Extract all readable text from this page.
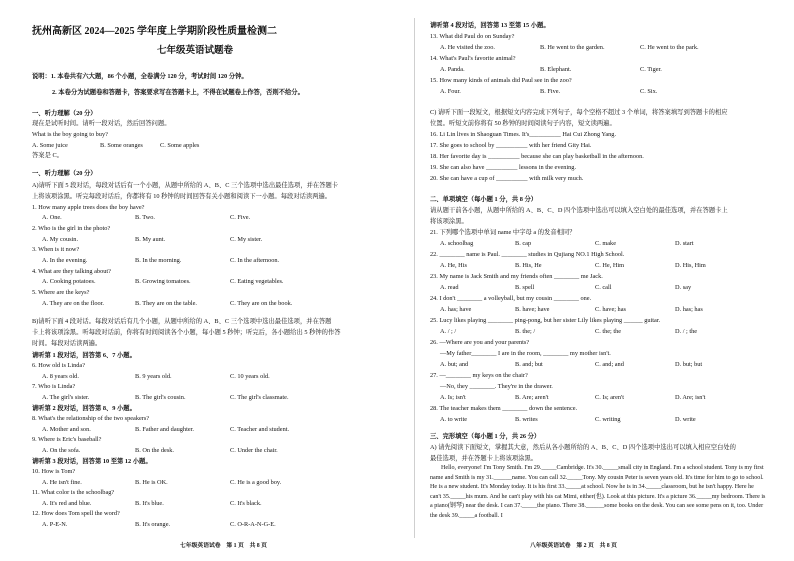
抚州高新区 2024—2025 学年度上学期阶段性质量检测二
七年级英语试题卷
说明：1. 本卷共有六大题，86 个小题，全卷满分 120 分，考试时间 120 分钟。
2. 本卷分为试题卷和答题卡，答案要求写在答题卡上，不得在试题卷上作答，否则不给分。
一、听力理解（20 分）
现在是试听时间。请听一段对话，然后回答问题。
What is the boy going to buy?
A. Some juice	B. Some oranges	C. Some apples
答案是 C。
一、听力理解（20 分）
A)请听下面 5 段对话，每段对话后有一个小题，从题中所给的 A、B、C 三个选项中选出最佳选项，并在答题卡
上将该项涂黑。听完每段对话后，你都将有 10 秒钟的时间回答有关小题和阅读下一小题。每段对话读两遍。
1. How many apple trees does the boy have?
A. One.	B. Two.	C. Five.
2. Who is the girl in the photo?
A. My cousin.	B. My aunt.	C. My sister.
3. When is it now?
A. In the evening.	B. In the morning.	C. In the afternoon.
4. What are they talking about?
A. Cooking potatoes.	B. Growing tomatoes.	C. Eating vegetables.
5. Where are the keys?
A. They are on the floor.	B. They are on the table.	C. They are on the book.
B)请听下面 4 段对话。每段对话后有几个小题，从题中所给的 A、B、C 三个选项中选出最佳选项，并在答题
卡上将该项涂黑。听每段对话前，你将有时间阅读各个小题，每小题 5 秒钟；听完后，各小题给出 5 秒钟的作答
时间。每段对话读两遍。
请听第 1 段对话，回答第 6、7 小题。
6. How old is Linda?
A. 8 years old.	B. 9 years old.	C. 10 years old.
7. Who is Linda?
A. The girl's sister.	B. The girl's cousin.	C. The girl's classmate.
请听第 2 段对话，回答第 8、9 小题。
8. What's the relationship of the two speakers?
A. Mother and son.	B. Father and daughter.	C. Teacher and student.
9. Where is Eric's baseball?
A. On the sofa.	B. On the desk.	C. Under the chair.
请听第 3 段对话，回答第 10 至第 12 小题。
10. How is Tom?
A. He isn't fine.	B. He is OK.	C. He is a good boy.
11. What color is the schoolbag?
A. It's red and blue.	B. It's blue.	C. It's black.
12. How does Tom spell the word?
A. P-E-N.	B. It's orange.	C. O-R-A-N-G-E.
七年级英语试卷　第 1 页　共 8 页
请听第 4 段对话，回答第 13 至第 15 小题。
13. What did Paul do on Sunday?
A. He visited the zoo.	B. He went to the garden.	C. He went to the park.
14. What's Paul's favorite animal?
A. Panda.	B. Elephant.	C. Tiger.
15. How many kinds of animals did Paul see in the zoo?
A. Four.	B. Five.	C. Six.
C) 请听下面一段短文，根据短文内容完成下列句子，每个空格不超过 3 个单词，将答案填写到答题卡的相应
位置。听短文前你将有 50 秒钟的时间阅读句子内容，短文读两遍。
16. Li Lin lives in Shaoguan Times. It's__________ Hai Cui Zhong Yang.
17. She goes to school by __________ with her friend Gity Hai.
18. Her favorite day is __________ because she can play basketball in the afternoon.
19. She can also have __________ lessons in the evening.
20. She can have a cup of __________ with milk very much.
二、单项填空（每小题 1 分，共 8 分）
请从题干前各小题，从题中所给的 A、B、C、D 四个选项中选出可以填入空白处的最佳选项，并在答题卡上
将该项涂黑。
21. 下列哪个选项中单词 name 中字母 a 的发音相同？
A. schoolbag	B. cap	C. make	D. start
22. ________ name is Paul. ________ studies in Qujiang NO.1 High School.
A. He, His	B. His, He	C. He, Him	D. His, Him
23. My name is Jack Smith and my friends often ________ me Jack.
A. read	B. spell	C. call	D. say
24. I don't ________ a volleyball, but my cousin ________ one.
A. has; have	B. have; have	C. have; has	D. has; has
25. Lucy likes playing ________ ping-pong, but her sister Lily likes playing ______ guitar.
A. / ; /	B. the; /	C. the; the	D. / ; the
26. —Where are you and your parents?
—My father________ I are in the room, ________ my mother isn't.
A. but; and	B. and; but	C. and; and	D. but; but
27. —________ my keys on the chair?
—No, they ________. They're in the drawer.
A. Is; isn't	B. Are; aren't	C. Is; aren't	D. Are; isn't
28. The teacher makes them ________ down the sentence.
A. to write	B. writes	C. writing	D. write
三、完形填空（每小题 1 分，共 26 分）
A) 请先阅读下面短文，掌握其大意，然后从各小题所给的 A、B、C、D 四个选项中选出可以填入相应空白处的
最佳选项，并在答题卡上将该项涂黑。
Hello, everyone! I'm Tony Smith. I'm 29._____Cambridge. It's 30._____small city in England. I'm a school student. Tony is my first name and Smith is my 31.______name. You can call 32._____Tony. My cousin Peter is seven years old. It's time for him to go to school. He is a new student. It's Monday today. It is his first 33._____at school. Now he is in 34._____classroom, but he isn't happy. Here he can't 35._____his mum. And he can't play with his cat Mimi, either(也). Look at this picture. It's a picture 36._____my bedroom. There is a piano(钢琴) near the desk. I can 37._____the piano. There 38.______some books on the desk. You can see some pens on it, too. Under the desk 39._____a football. I
八年级英语试卷　第 2 页　共 8 页
